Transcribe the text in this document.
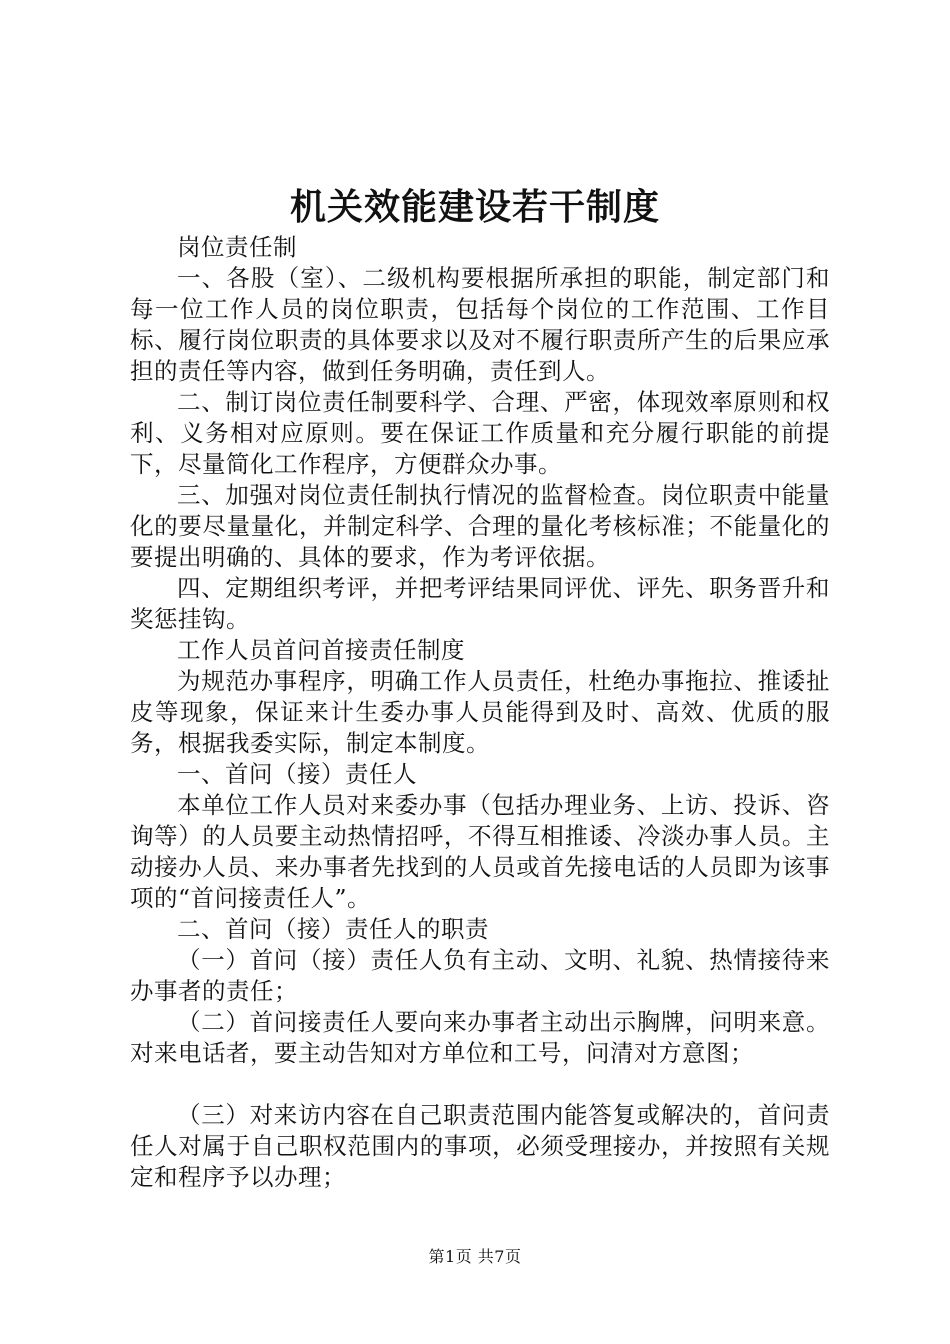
机关效能建设若干制度

岗位责任制

一、各股（室）、二级机构要根据所承担的职能，制定部门和每一位工作人员的岗位职责，包括每个岗位的工作范围、工作目标、履行岗位职责的具体要求以及对不履行职责所产生的后果应承担的责任等内容，做到任务明确，责任到人。

二、制订岗位责任制要科学、合理、严密，体现效率原则和权利、义务相对应原则。要在保证工作质量和充分履行职能的前提下，尽量简化工作程序，方便群众办事。

三、加强对岗位责任制执行情况的监督检查。岗位职责中能量化的要尽量量化，并制定科学、合理的量化考核标准；不能量化的要提出明确的、具体的要求，作为考评依据。

四、定期组织考评，并把考评结果同评优、评先、职务晋升和奖惩挂钩。

工作人员首问首接责任制度

为规范办事程序，明确工作人员责任，杜绝办事拖拉、推诿扯皮等现象，保证来计生委办事人员能得到及时、高效、优质的服务，根据我委实际，制定本制度。

一、首问（接）责任人

本单位工作人员对来委办事（包括办理业务、上访、投诉、咨询等）的人员要主动热情招呼，不得互相推诿、冷淡办事人员。主动接办人员、来办事者先找到的人员或首先接电话的人员即为该事项的“首问接责任人”。

二、首问（接）责任人的职责

（一）首问（接）责任人负有主动、文明、礼貌、热情接待来办事者的责任；

（二）首问接责任人要向来办事者主动出示胸牌，问明来意。对来电话者，要主动告知对方单位和工号，问清对方意图；

（三）对来访内容在自己职责范围内能答复或解决的，首问责任人对属于自己职权范围内的事项，必须受理接办，并按照有关规定和程序予以办理；

第1页 共7页
